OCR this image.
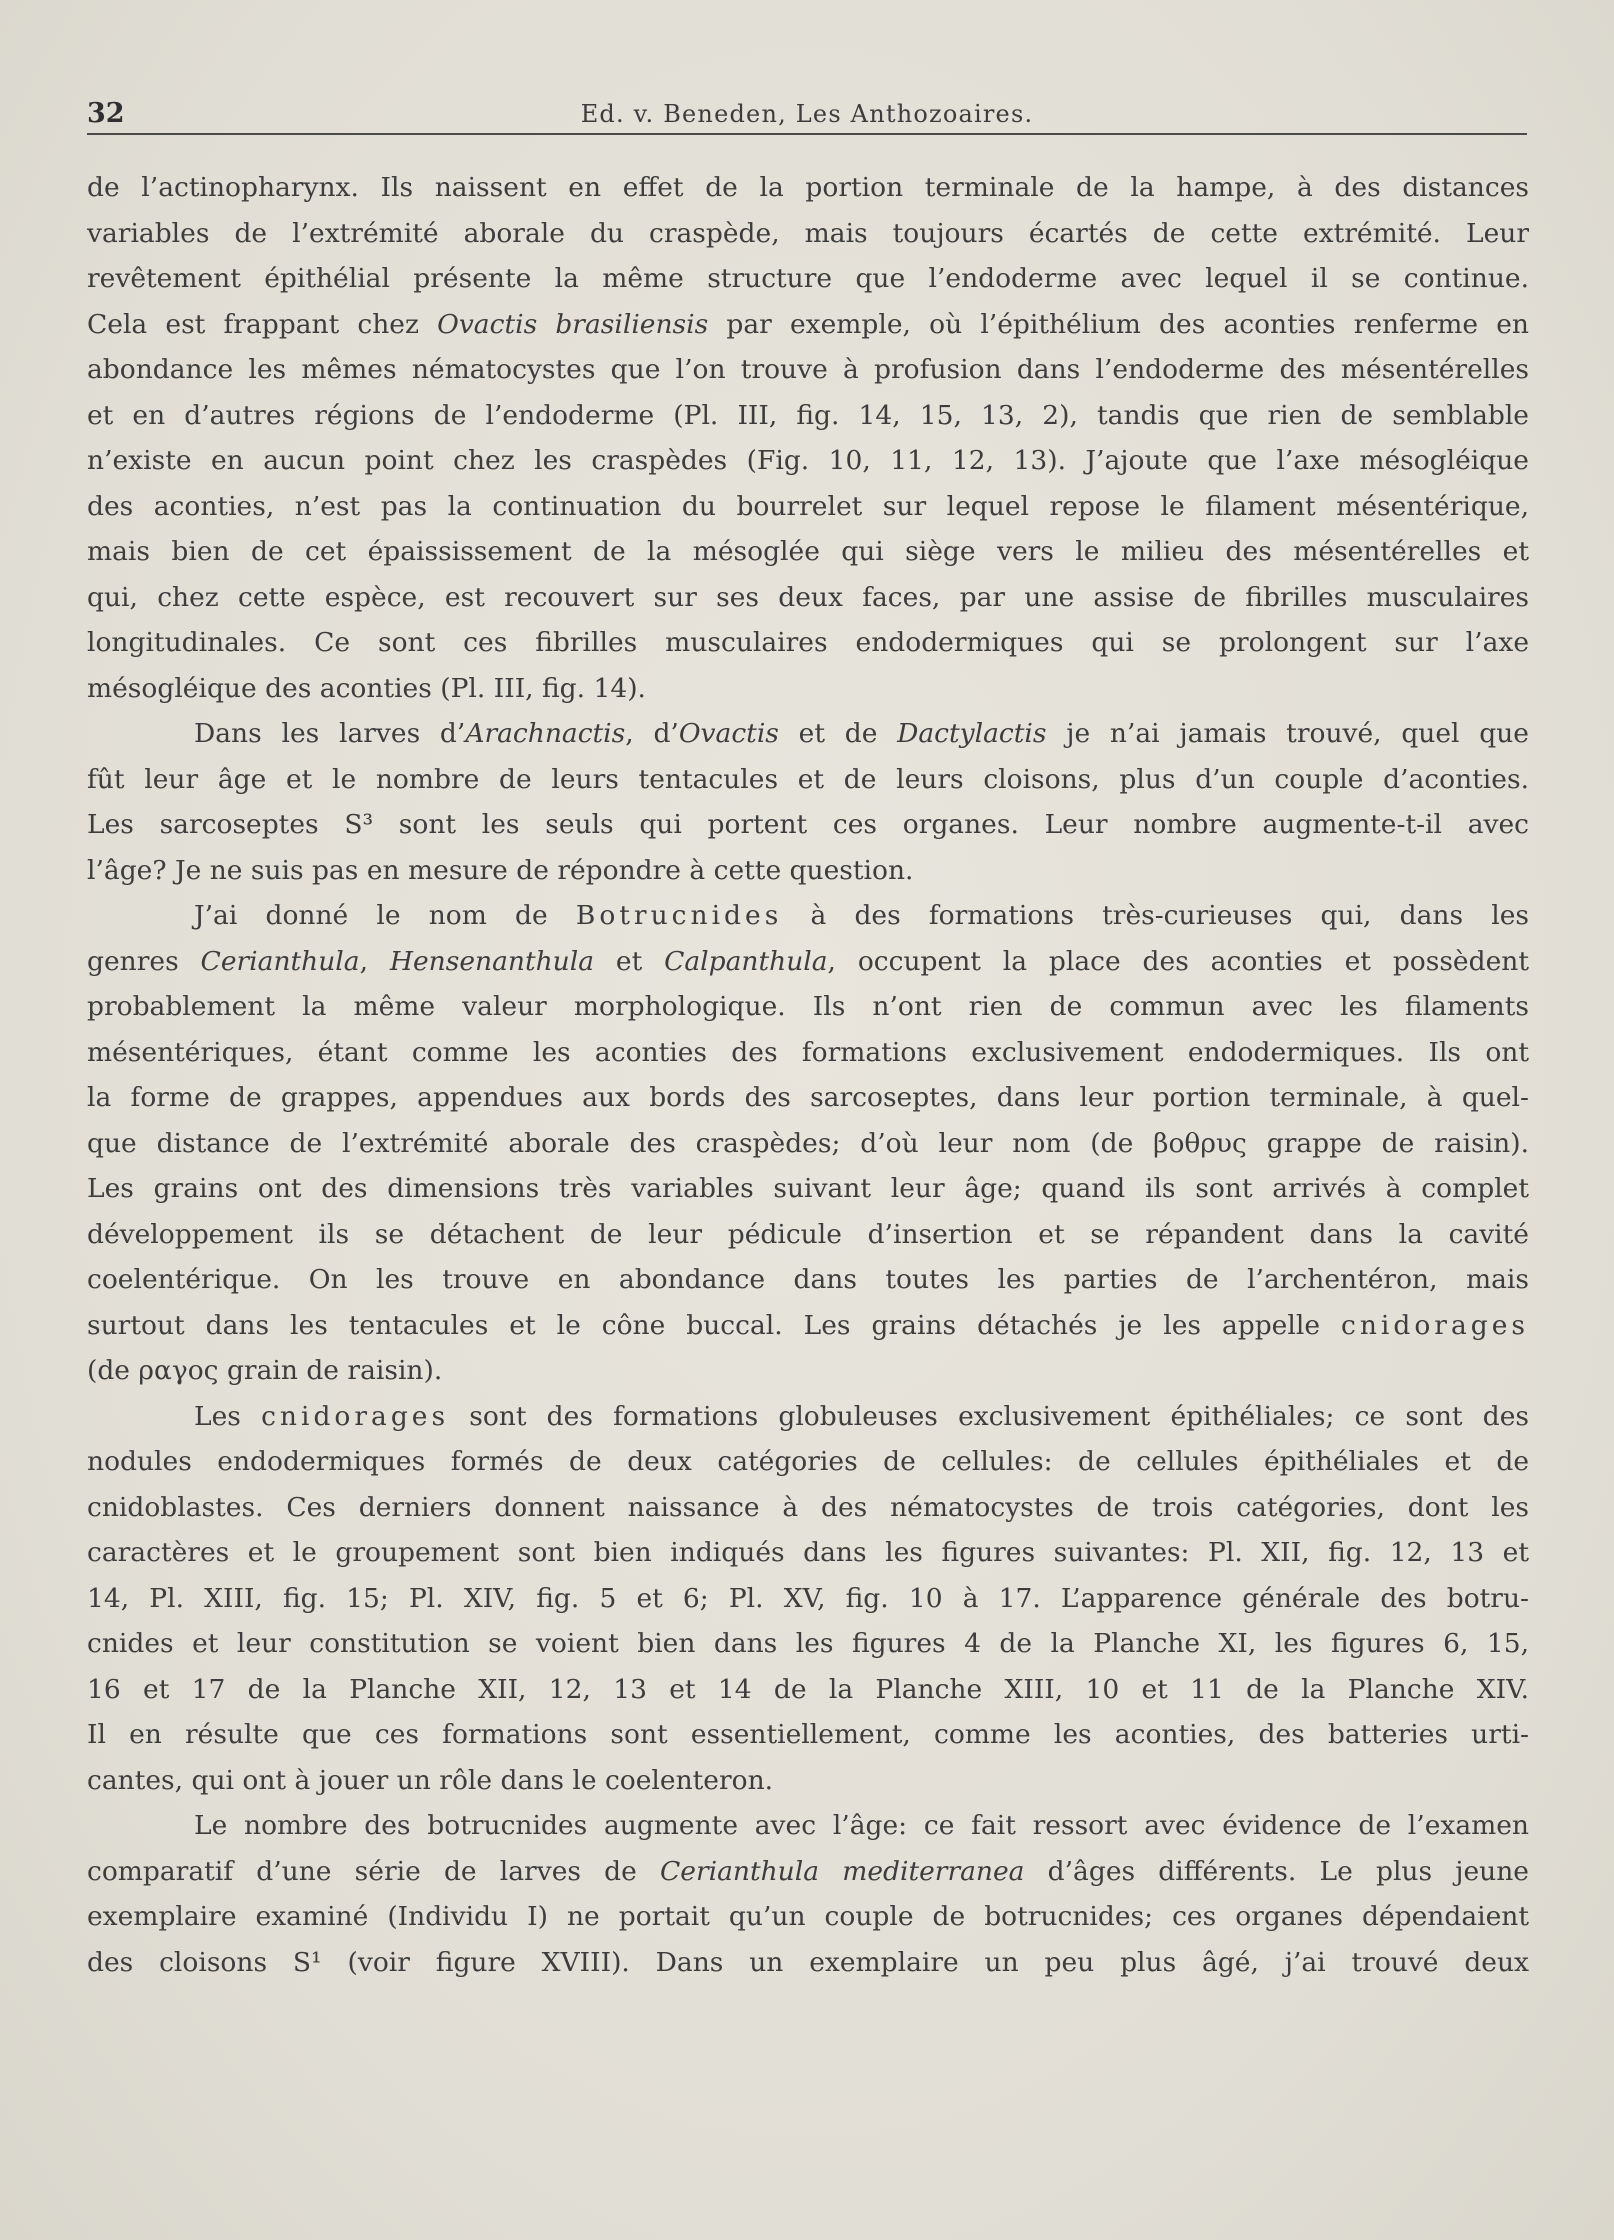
32	Ed. v. Beneden, Les Anthozoaires.
de l’actinopharynx. Ils naissent en effet de la portion terminale de la hampe, à des distances
variables de l’extrémité aborale du craspède, mais toujours écartés de cette extrémité. Leur
revêtement épithélial présente la même structure que l’endoderme avec lequel il se continue.
Cela est frappant chez Ovactis brasiliensis par exemple, où l’épithélium des aconties renferme en
abondance les mêmes nématocystes que l’on trouve à profusion dans l’endoderme des mésentérelles
et en d’autres régions de l’endoderme (Pl. III, fig. 14, 15, 13, 2), tandis que rien de semblable
n’existe en aucun point chez les craspèdes (Fig. 10, 11, 12, 13). J’ajoute que l’axe mésogléique
des aconties, n’est pas la continuation du bourrelet sur lequel repose le filament mésentérique,
mais bien de cet épaississement de la mésoglée qui siège vers le milieu des mésentérelles et
qui, chez cette espèce, est recouvert sur ses deux faces, par une assise de fibrilles musculaires
longitudinales. Ce sont ces fibrilles musculaires endodermiques qui se prolongent sur l’axe
mésogléique des aconties (Pl. III, fig. 14).
Dans les larves d’Arachnactis, d’Ovactis et de Dactylactis je n’ai jamais trouvé, quel que
fût leur âge et le nombre de leurs tentacules et de leurs cloisons, plus d’un couple d’aconties.
Les sarcoseptes S³ sont les seuls qui portent ces organes. Leur nombre augmente-t-il avec
l’âge? Je ne suis pas en mesure de répondre à cette question.
J’ai donné le nom de Botrucnides à des formations très-curieuses qui, dans les
genres Cerianthula, Hensenanthula et Calpanthula, occupent la place des aconties et possèdent
probablement la même valeur morphologique. Ils n’ont rien de commun avec les filaments
mésentériques, étant comme les aconties des formations exclusivement endodermiques. Ils ont
la forme de grappes, appendues aux bords des sarcoseptes, dans leur portion terminale, à quel-
que distance de l’extrémité aborale des craspèdes; d’où leur nom (de βοθρυς grappe de raisin).
Les grains ont des dimensions très variables suivant leur âge; quand ils sont arrivés à complet
développement ils se détachent de leur pédicule d’insertion et se répandent dans la cavité
coelentérique. On les trouve en abondance dans toutes les parties de l’archentéron, mais
surtout dans les tentacules et le cône buccal. Les grains détachés je les appelle cnidorages
(de ραγος grain de raisin).
Les cnidorages sont des formations globuleuses exclusivement épithéliales; ce sont des
nodules endodermiques formés de deux catégories de cellules: de cellules épithéliales et de
cnidoblastes. Ces derniers donnent naissance à des nématocystes de trois catégories, dont les
caractères et le groupement sont bien indiqués dans les figures suivantes: Pl. XII, fig. 12, 13 et
14, Pl. XIII, fig. 15; Pl. XIV, fig. 5 et 6; Pl. XV, fig. 10 à 17. L’apparence générale des botru-
cnides et leur constitution se voient bien dans les figures 4 de la Planche XI, les figures 6, 15,
16 et 17 de la Planche XII, 12, 13 et 14 de la Planche XIII, 10 et 11 de la Planche XIV.
Il en résulte que ces formations sont essentiellement, comme les aconties, des batteries urti-
cantes, qui ont à jouer un rôle dans le coelenteron.
Le nombre des botrucnides augmente avec l’âge: ce fait ressort avec évidence de l’examen
comparatif d’une série de larves de Cerianthula mediterranea d’âges différents. Le plus jeune
exemplaire examiné (Individu I) ne portait qu’un couple de botrucnides; ces organes dépendaient
des cloisons S¹ (voir figure XVIII). Dans un exemplaire un peu plus âgé, j’ai trouvé deux
